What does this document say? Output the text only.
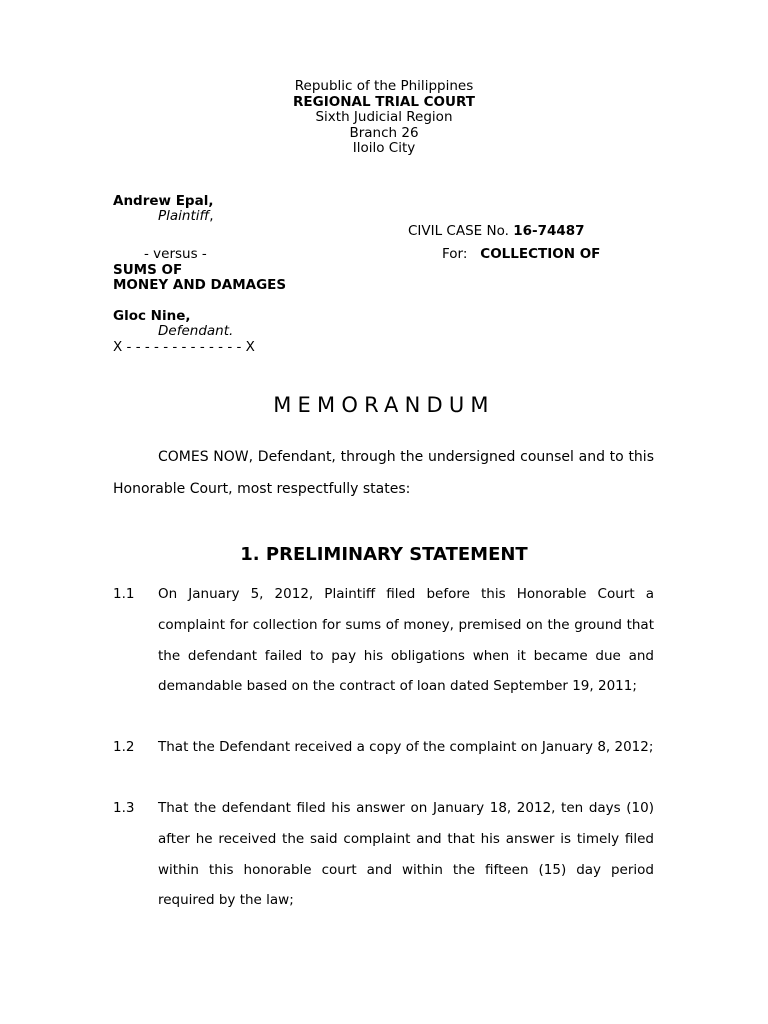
Republic of the Philippines
REGIONAL TRIAL COURT
Sixth Judicial Region
Branch 26
Iloilo City
Andrew Epal,
Plaintiff,
CIVIL CASE No. 16-74487
- versus -	For: COLLECTION OF
SUMS OF
MONEY AND DAMAGES
Gloc Nine,
Defendant.
X - - - - - - - - - - - - - X
MEMORANDUM
COMES NOW, Defendant, through the undersigned counsel and to this Honorable Court, most respectfully states:
1. PRELIMINARY STATEMENT
1.1 On January 5, 2012, Plaintiff filed before this Honorable Court a complaint for collection for sums of money, premised on the ground that the defendant failed to pay his obligations when it became due and demandable based on the contract of loan dated September 19, 2011;
1.2 That the Defendant received a copy of the complaint on January 8, 2012;
1.3 That the defendant filed his answer on January 18, 2012, ten days (10) after he received the said complaint and that his answer is timely filed within this honorable court and within the fifteen (15) day period required by the law;
